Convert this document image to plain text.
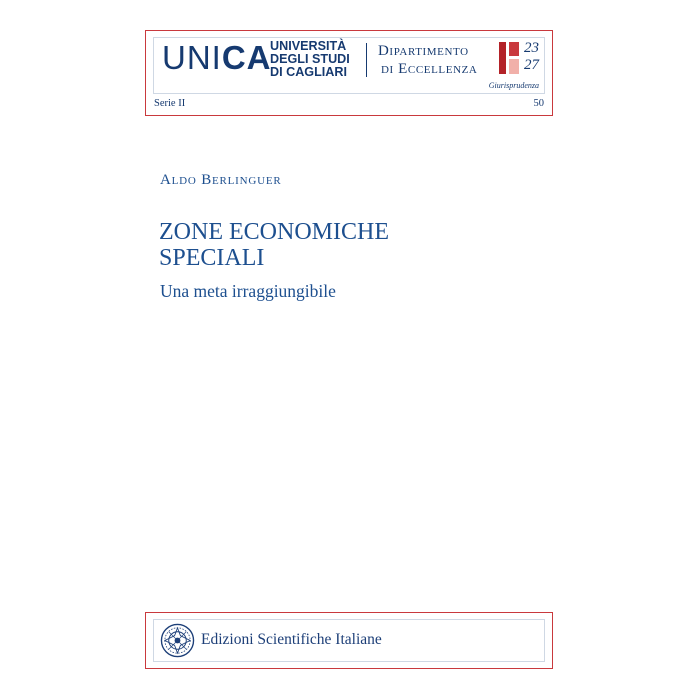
UNICA
UNIVERSITÀ
DEGLI STUDI
DI CAGLIARI
Dipartimento
di Eccellenza
23
27
Giurisprudenza
Serie II	50
Aldo Berlinguer
ZONE ECONOMICHE
SPECIALI
Una meta irraggiungibile
Edizioni Scientifiche Italiane
